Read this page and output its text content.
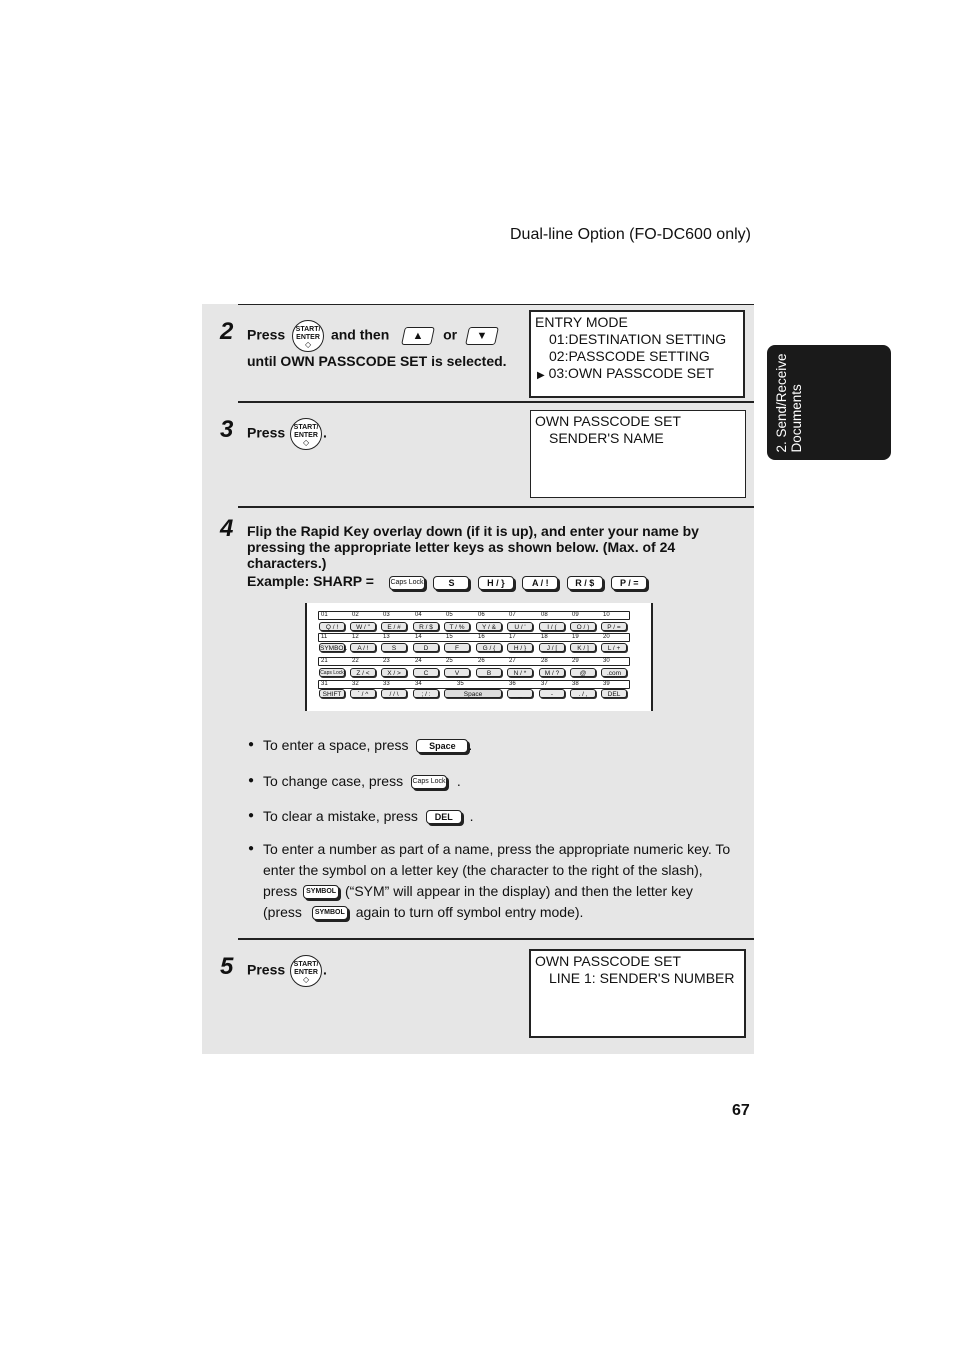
Dual-line Option (FO-DC600 only)
2. Send/Receive Documents
2 Press	START/
ENTER
◇
and then	▲	or	▼
until OWN PASSCODE SET is selected.
ENTRY MODE
01:DESTINATION SETTING
02:PASSCODE SETTING
▶ 03:OWN PASSCODE SET
3 Press	START/
ENTER
◇
.
OWN PASSCODE SET
SENDER'S NAME
4 Flip the Rapid Key overlay down (if it is up), and enter your name by
pressing the appropriate letter keys as shown below. (Max. of 24
characters.)
Example: SHARP = Caps Lock	S	H / }	A / !	R / $	P / =
01	02	03	04	05	06	07	08	09	10
Q / !	W / "	E / #	R / $	T / %	Y / &	U / '	I / (	O / )	P / =
11	12	13	14	15	16	17	18	19	20
SYMBOL	A / !	S	D	F	G / {	H / }	J / [	K / ]	L / +
21	22	23	24	25	26	27	28	29	30
Caps Lock	Z / <	X / >	C	V	B	N / *	M / ?	@	.com
31	32	33	34	35	36	37	38	39
SHIFT	` / ^	/ / \	; / :	Space	_	-	. / ,	DEL
● To enter a space, press Space .
● To change case, press Caps Lock .
● To clear a mistake, press DEL .
● To enter a number as part of a name, press the appropriate numeric key. To
enter the symbol on a letter key (the character to the right of the slash),
press SYMBOL (“SYM” will appear in the display) and then the letter key
(press SYMBOL again to turn off symbol entry mode).
5 Press	START/
ENTER
◇
.
OWN PASSCODE SET
LINE 1: SENDER'S NUMBER
67
